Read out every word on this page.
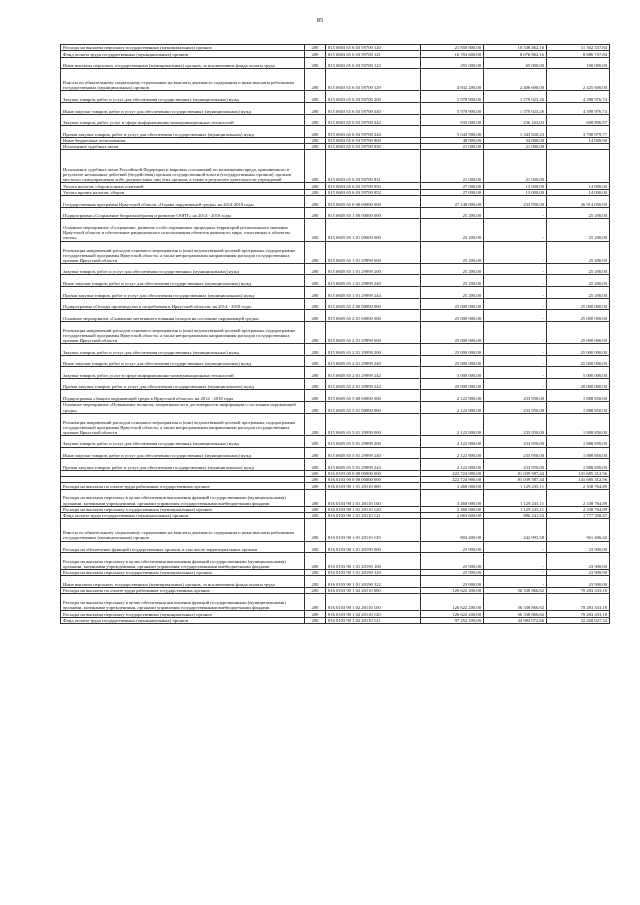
85
Расходы на выплаты персоналу государственных (муниципальных) органов	200	815 0603 65 6 03 59700 120	21 850 800,00	10 548 462,16	11 302 337,84
Фонд оплаты труда государственных (муниципальных) органов	200	815 0603 65 6 03 59700 121	16 763 600,00	8 076 862,16	8 686 737,84
Иные выплаты персоналу государственных (муниципальных) органов, за исключением фонда оплаты труда	200	815 0603 65 6 03 59700 122	255 000,00	65 000,00	190 000,00
Взносы по обязательному социальному страхованию на выплаты денежного содержания и иные выплаты работникам государственных (муниципальных) органов	200	815 0603 65 6 03 59700 129	4 832 200,00	2 406 600,00	2 425 600,00
Закупка товаров, работ и услуг для обеспечения государственных (муниципальных) нужд	200	815 0603 65 6 03 59700 200	5 978 900,00	1 579 923,26	4 398 976,74
Иные закупки товаров, работ и услуг для обеспечения государственных (муниципальных) нужд	200	815 0603 65 6 03 59700 240	5 978 900,00	1 579 923,26	4 398 976,74
Закупка товаров, работ, услуг в сфере информационно-коммуникационных технологий	200	815 0603 65 6 03 59700 242	935 000,00	236 103,03	698 896,97
Прочая закупка товаров, работ и услуг для обеспечения государственных (муниципальных) нужд	200	815 0603 65 6 03 59700 244	5 043 900,00	1 343 820,23	3 700 079,77
Иные бюджетные ассигнования	200	815 0603 65 6 03 59700 800	48 000,00	34 000,00	14 000,00
Исполнение судебных актов	200	815 0603 65 6 03 59700 830	21 000,00	21 000,00	-
Исполнение судебных актов Российской Федерации и мировых соглашений по возмещению вреда, причиненного в результате незаконных действий (бездействия) органов государственной власти (государственных органов), органов местного самоуправления либо должностных лиц этих органов, а также в результате деятельности учреждений	200	815 0603 65 6 03 59700 831	21 000,00	21 000,00	-
Уплата налогов, сборов и иных платежей	200	815 0603 65 6 03 59700 850	27 000,00	13 000,00	14 000,00
Уплата прочих налогов, сборов	200	815 0603 65 6 03 59700 852	27 000,00	13 000,00	14 000,00
Государственная программа Иркутской области «Охрана окружающей среды» на 2014-2018 годы	200	815 0605 65 0 00 00000 000	27 148 000,00	233 950,00	26 914 050,00
Подпрограмма «Сохранение биоразнообразия и развитие ООПТ» на 2014 - 2018 годы	200	815 0605 65 1 00 00000 000	25 200,00	-	25 200,00
Основное мероприятие «Сохранение, развитие особо охраняемых природных территорий регионального значения Иркутской области и обеспечение рационального использования объектов животного мира, отнесенных к объектам охоты»	200	815 0605 65 1 01 00000 000	25 200,00	-	25 200,00
Реализация направлений расходов основного мероприятия и (или) ведомственной целевой программы, подпрограммы государственной программы Иркутской области, а также непрограммным направлениям расходов государственных органов Иркутской области	200	815 0605 65 1 01 29999 000	25 200,00	-	25 200,00
Закупка товаров, работ и услуг для обеспечения государственных (муниципальных) нужд	200	815 0605 65 1 01 29999 200	25 200,00	-	25 200,00
Иные закупки товаров, работ и услуг для обеспечения государственных (муниципальных) нужд	200	815 0605 65 1 01 29999 240	25 200,00	-	25 200,00
Прочая закупка товаров, работ и услуг для обеспечения государственных (муниципальных) нужд	200	815 0605 65 1 01 29999 244	25 200,00	-	25 200,00
Подпрограмма «Отходы производства и потребления в Иркутской области» на 2014 - 2018 годы	200	815 0605 65 2 00 00000 000	25 000 000,00	-	25 000 000,00
Основное мероприятие «Снижение негативного влияния отходов на состояние окружающей среды»	200	815 0605 65 2 01 00000 000	25 000 000,00	-	25 000 000,00
Реализация направлений расходов основного мероприятия и (или) ведомственной целевой программы, подпрограммы государственной программы Иркутской области, а также непрограммным направлениям расходов государственных органов Иркутской области	200	815 0605 65 2 01 29999 000	25 000 000,00	-	25 000 000,00
Закупка товаров, работ и услуг для обеспечения государственных (муниципальных) нужд	200	815 0605 65 2 01 29999 200	25 000 000,00	-	25 000 000,00
Иные закупки товаров, работ и услуг для обеспечения государственных (муниципальных) нужд	200	815 0605 65 2 01 29999 240	25 000 000,00	-	25 000 000,00
Закупка товаров, работ, услуг в сфере информационно-коммуникационных технологий	200	815 0605 65 2 01 29999 242	5 000 000,00	-	5 000 000,00
Прочая закупка товаров, работ и услуг для обеспечения государственных (муниципальных) нужд	200	815 0605 65 2 01 29999 244	20 000 000,00	-	20 000 000,00
Подпрограмма «Защита окружающей среды в Иркутской области» на 2014 - 2018 годы	200	815 0605 65 5 00 00000 000	2 122 800,00	233 950,00	1 888 850,00
Основное мероприятие «Повышение полноты, оперативности и достоверности информации о состоянии окружающей среды»	200	815 0605 65 5 01 00000 000	2 122 800,00	233 950,00	1 888 850,00
Реализация направлений расходов основного мероприятия и (или) ведомственной целевой программы, подпрограммы государственной программы Иркутской области, а также непрограммным направлениям расходов государственных органов Иркутской области	200	815 0605 65 5 01 29999 000	2 122 800,00	233 950,00	1 888 850,00
Закупка товаров, работ и услуг для обеспечения государственных (муниципальных) нужд	200	815 0605 65 5 01 29999 200	2 122 800,00	233 950,00	1 888 850,00
Иные закупки товаров, работ и услуг для обеспечения государственных (муниципальных) нужд	200	815 0605 65 5 01 29999 240	2 122 800,00	233 950,00	1 888 850,00
Прочая закупка товаров, работ и услуг для обеспечения государственных (муниципальных) нужд	200	815 0605 65 5 01 29999 244	2 122 800,00	233 950,00	1 888 850,00
	200	816 0103 00 0 00 00000 000	222 724 900,00	81 039 587,44	141 685 312,56
	200	816 0103 90 0 00 00000 000	222 724 900,00	81 039 587,44	141 685 312,56
Расходы на выплаты по оплате труда работников государственных органов	200	816 0103 90 1 01 20110 000	3 468 000,00	1 129 235,11	2 338 764,89
Расходы на выплаты персоналу в целях обеспечения выполнения функций государственными (муниципальными) органами, казенными учреждениями, органами управления государственными внебюджетными фондами	200	816 0103 90 1 01 20110 100	3 468 000,00	1 129 235,11	2 338 764,89
Расходы на выплаты персоналу государственных (муниципальных) органов	200	816 0103 90 1 01 20110 120	3 468 000,00	1 129 235,11	2 338 764,89
Фонд оплаты труда государственных (муниципальных) органов	200	816 0103 90 1 01 20110 121	2 663 600,00	886 241,53	1 777 358,47
Взносы по обязательному социальному страхованию на выплаты денежного содержания и иные выплаты работникам государственных (муниципальных) органов	200	816 0103 90 1 01 20110 129	804 400,00	242 993,58	561 406,42
Расходы на обеспечение функций государственных органов, в том числе территориальных органов	200	816 0103 90 1 01 20190 000	23 900,00	-	23 900,00
Расходы на выплаты персоналу в целях обеспечения выполнения функций государственными (муниципальными) органами, казенными учреждениями, органами управления государственными внебюджетными фондами	200	816 0103 90 1 01 20190 100	23 900,00	-	23 900,00
Расходы на выплаты персоналу государственных (муниципальных) органов	200	816 0103 90 1 01 20190 120	23 900,00	-	23 900,00
Иные выплаты персоналу государственных (муниципальных) органов, за исключением фонда оплаты труда	200	816 0103 90 1 01 20190 122	23 900,00	-	23 900,00
Расходы на выплаты по оплате труда работников государственных органов	200	816 0103 90 1 02 20110 000	126 622 200,00	56 338 866,82	70 283 333,18
Расходы на выплаты персоналу в целях обеспечения выполнения функций государственными (муниципальными) органами, казенными учреждениями, органами управления государственными внебюджетными фондами	200	816 0103 90 1 02 20110 100	126 622 200,00	56 338 866,82	70 283 333,18
Расходы на выплаты персоналу государственных (муниципальных) органов	200	816 0103 90 1 02 20110 120	126 622 200,00	56 338 866,82	70 283 333,18
Фонд оплаты труда государственных (муниципальных) органов	200	816 0103 90 1 02 20110 121	97 252 100,00	44 984 072,66	52 268 027,34
